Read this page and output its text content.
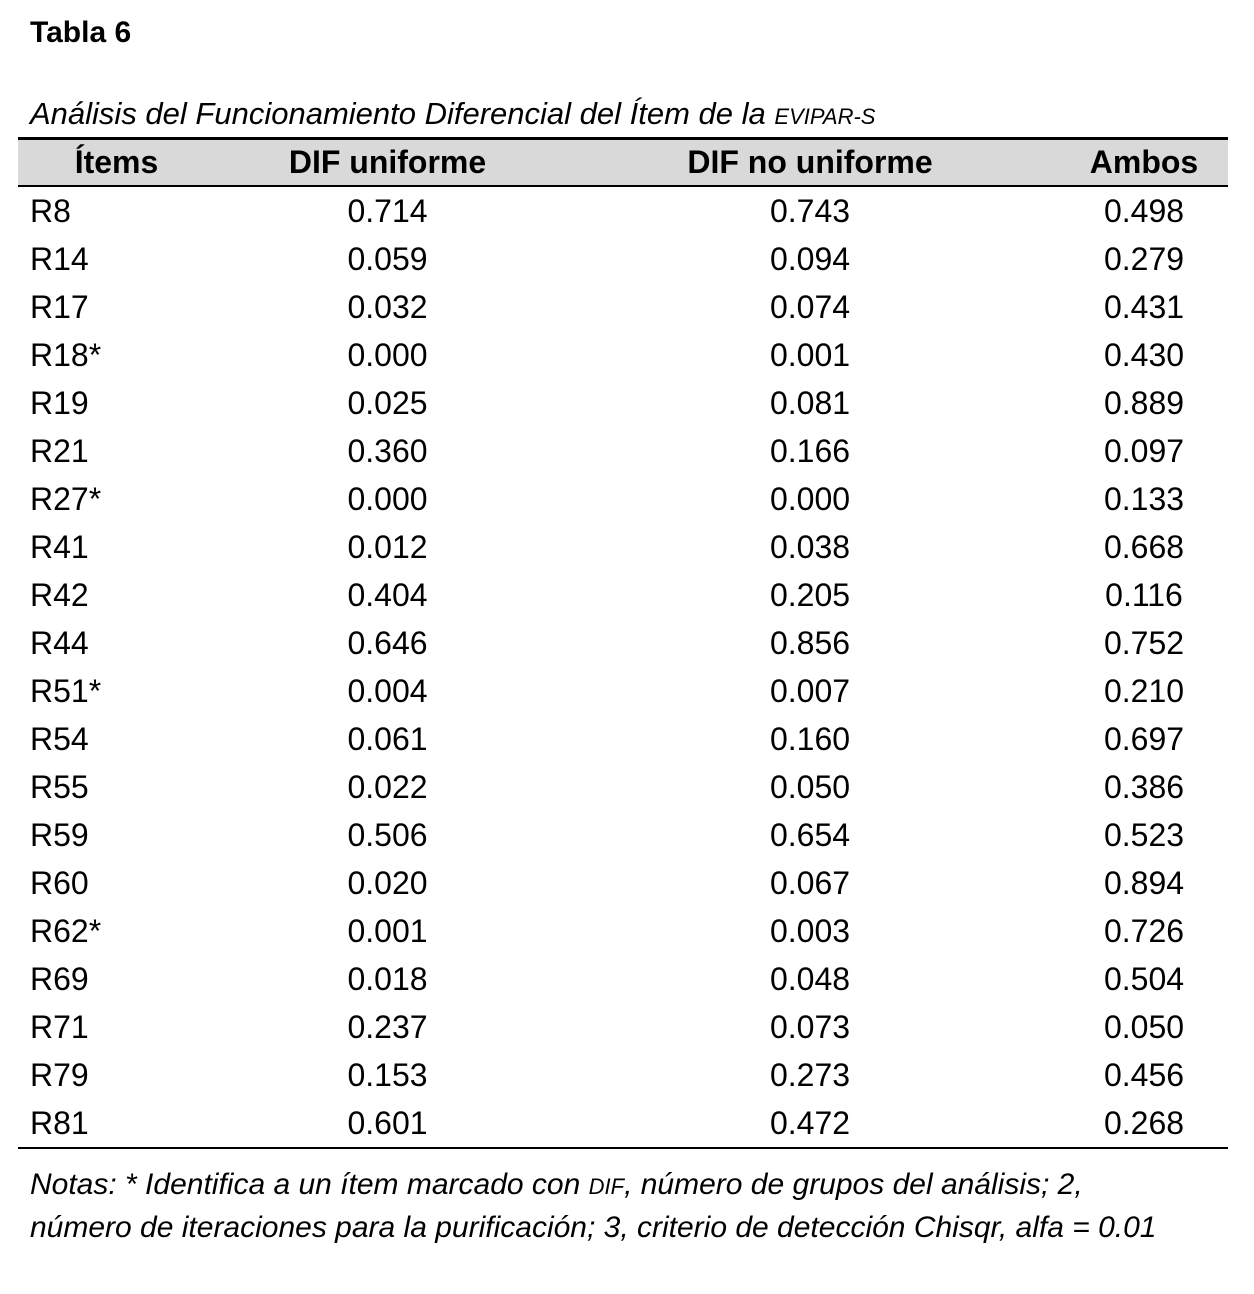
Tabla 6
Análisis del Funcionamiento Diferencial del Ítem de la EVIPAR-S
Ítems	DIF uniforme	DIF no uniforme	Ambos
R8	0.714	0.743	0.498
R14	0.059	0.094	0.279
R17	0.032	0.074	0.431
R18*	0.000	0.001	0.430
R19	0.025	0.081	0.889
R21	0.360	0.166	0.097
R27*	0.000	0.000	0.133
R41	0.012	0.038	0.668
R42	0.404	0.205	0.116
R44	0.646	0.856	0.752
R51*	0.004	0.007	0.210
R54	0.061	0.160	0.697
R55	0.022	0.050	0.386
R59	0.506	0.654	0.523
R60	0.020	0.067	0.894
R62*	0.001	0.003	0.726
R69	0.018	0.048	0.504
R71	0.237	0.073	0.050
R79	0.153	0.273	0.456
R81	0.601	0.472	0.268
Notas: * Identifica a un ítem marcado con DIF, número de grupos del análisis; 2, número de iteraciones para la purificación; 3, criterio de detección Chisqr, alfa = 0.01
